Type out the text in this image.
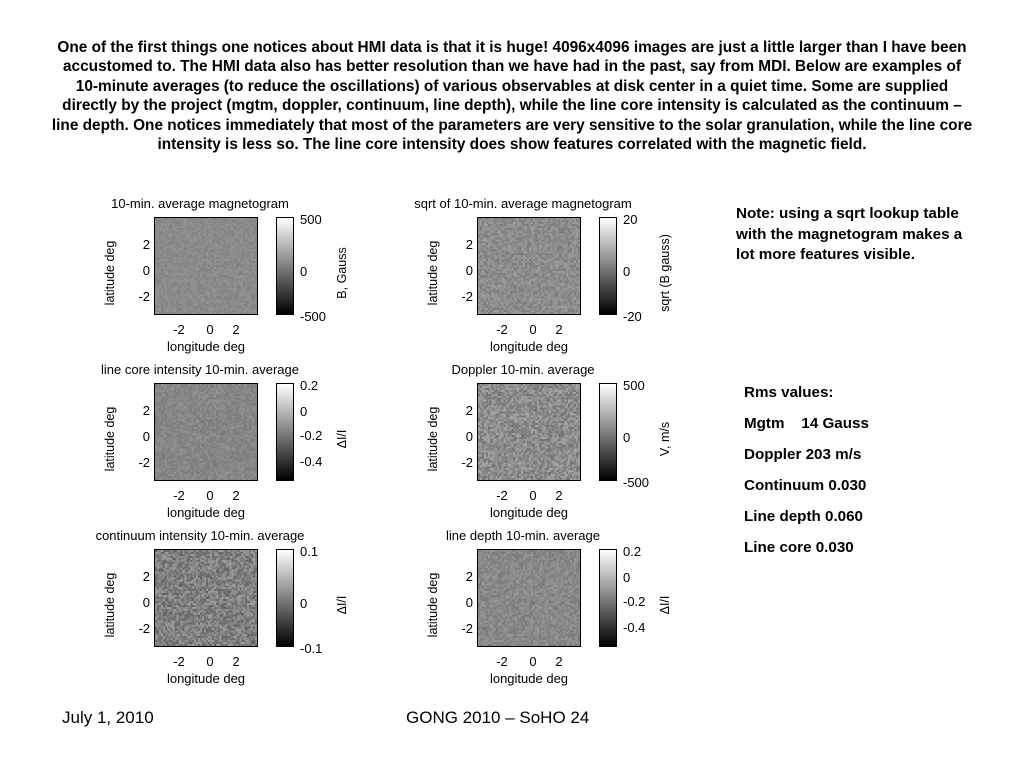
One of the first things one notices about HMI data is that it is huge! 4096x4096 images are just a little larger than I have been accustomed to. The HMI data also has better resolution than we have had in the past, say from MDI. Below are examples of 10-minute averages (to reduce the oscillations) of various observables at disk center in a quiet time. Some are supplied directly by the project (mgtm, doppler, continuum, line depth), while the line core intensity is calculated as the continuum – line depth. One notices immediately that most of the parameters are very sensitive to the solar granulation, while the line core intensity is less so. The line core intensity does show features correlated with the magnetic field.
10-min. average magnetogram
latitude deg	2
0
-2
-2	0	2
longitude deg
500
0
-500
B, Gauss
sqrt of 10-min. average magnetogram
latitude deg	2
0
-2
-2	0	2
longitude deg
20
0
-20
sqrt (B gauss)
line core intensity 10-min. average
latitude deg	2
0
-2
-2	0	2
longitude deg
0.2
0
-0.2
-0.4
ΔI/I
Doppler 10-min. average
latitude deg	2
0
-2
-2	0	2
longitude deg
500
0
-500
V, m/s
continuum intensity 10-min. average
latitude deg	2
0
-2
-2	0	2
longitude deg
0.1
0
-0.1
ΔI/I
line depth 10-min. average
latitude deg	2
0
-2
-2	0	2
longitude deg
0.2
0
-0.2
-0.4
ΔI/I
Note: using a sqrt lookup table with the magnetogram makes a lot more features visible.
Rms values:
Mgtm    14 Gauss
Doppler 203 m/s
Continuum 0.030
Line depth 0.060
Line core 0.030
July 1, 2010	GONG 2010 – SoHO 24
